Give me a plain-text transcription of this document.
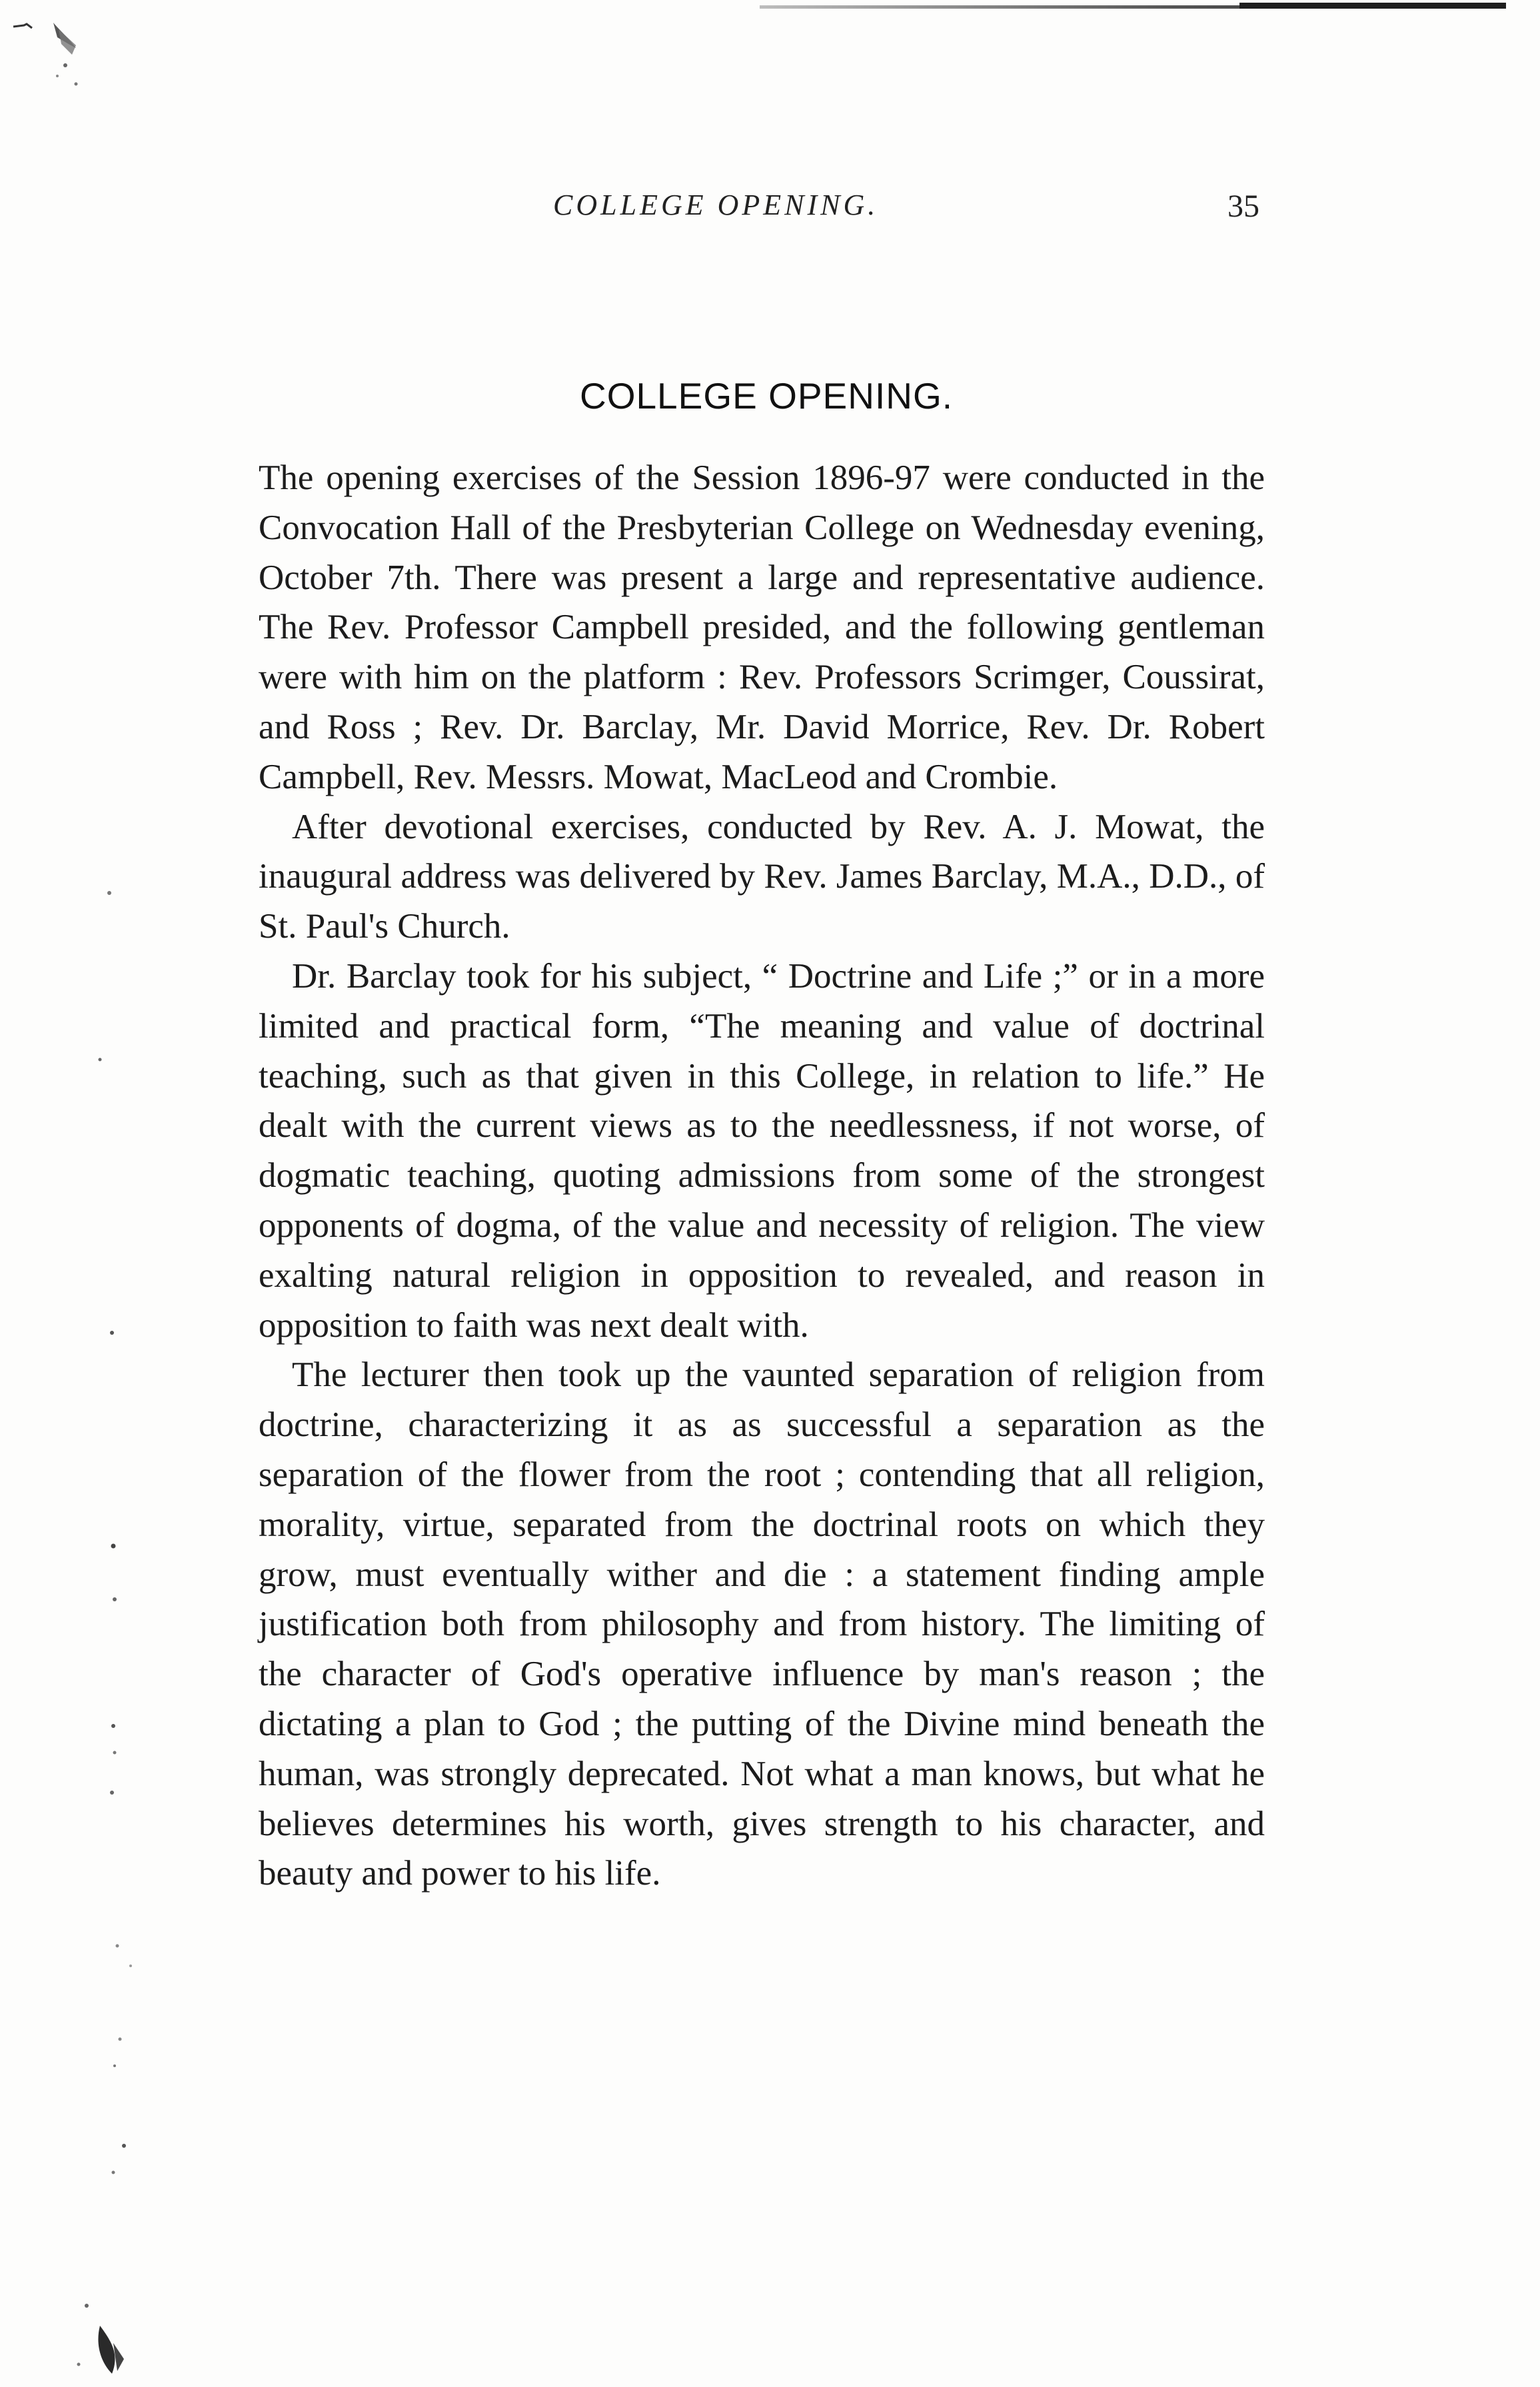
COLLEGE OPENING.	35
COLLEGE OPENING.

The opening exercises of the Session 1896-97 were conducted in the Convocation Hall of the Presbyterian College on Wednesday evening, October 7th. There was present a large and representative audience. The Rev. Professor Campbell presided, and the following gentleman were with him on the platform : Rev. Professors Scrimger, Coussirat, and Ross ; Rev. Dr. Barclay, Mr. David Morrice, Rev. Dr. Robert Campbell, Rev. Messrs. Mowat, MacLeod and Crombie.

After devotional exercises, conducted by Rev. A. J. Mowat, the inaugural address was delivered by Rev. James Barclay, M.A., D.D., of St. Paul's Church.

Dr. Barclay took for his subject, “ Doctrine and Life ;” or in a more limited and practical form, “The meaning and value of doctrinal teaching, such as that given in this College, in relation to life.” He dealt with the current views as to the needlessness, if not worse, of dogmatic teaching, quoting admissions from some of the strongest opponents of dogma, of the value and necessity of religion. The view exalting natural religion in opposition to revealed, and reason in opposition to faith was next dealt with.

The lecturer then took up the vaunted separation of religion from doctrine, characterizing it as as successful a separation as the separation of the flower from the root ; contending that all religion, morality, virtue, separated from the doctrinal roots on which they grow, must eventually wither and die : a statement finding ample justification both from philosophy and from history. The limiting of the character of God's operative influence by man's reason ; the dictating a plan to God ; the putting of the Divine mind beneath the human, was strongly deprecated. Not what a man knows, but what he believes determines his worth, gives strength to his character, and beauty and power to his life.
